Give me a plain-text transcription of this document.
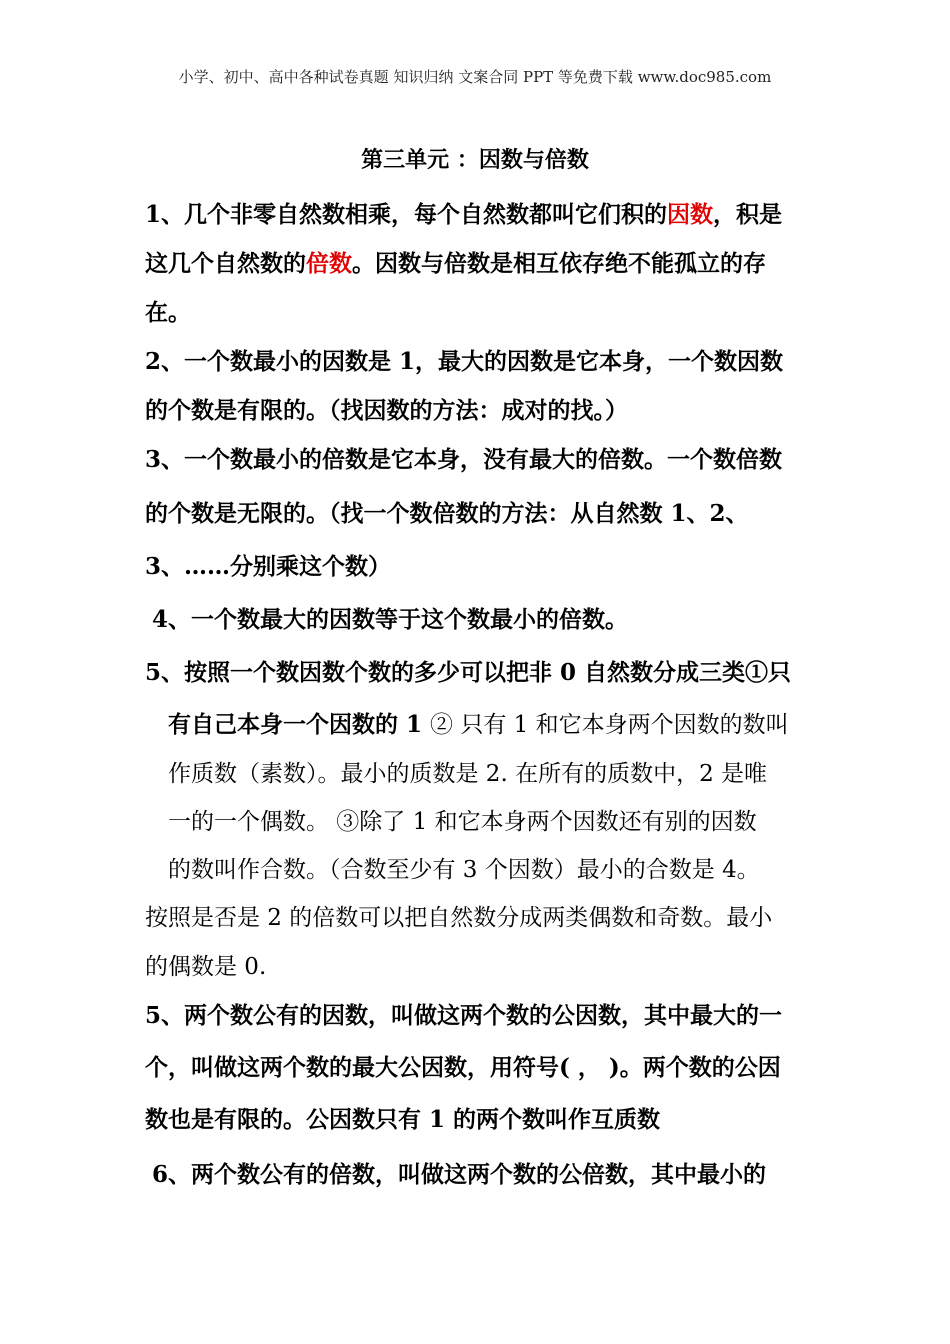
小学、初中、高中各种试卷真题 知识归纳 文案合同 PPT 等免费下载 www.doc985.com
第三单元 ：因数与倍数
1、几个非零自然数相乘，每个自然数都叫它们积的因数，积是
这几个自然数的倍数。因数与倍数是相互依存绝不能孤立的存
在。
2、一个数最小的因数是 1，最大的因数是它本身，一个数因数
的个数是有限的。（找因数的方法：成对的找。）
3、一个数最小的倍数是它本身，没有最大的倍数。一个数倍数
的个数是无限的。（找一个数倍数的方法：从自然数 1、2、
3、……分别乘这个数）
4、一个数最大的因数等于这个数最小的倍数。
5、按照一个数因数个数的多少可以把非 0 自然数分成三类①只
有自己本身一个因数的 1 ② 只有 1 和它本身两个因数的数叫
作质数（素数）。最小的质数是 2. 在所有的质数中，2 是唯
一的一个偶数。 ③除了 1 和它本身两个因数还有别的因数
的数叫作合数。（合数至少有 3 个因数）最小的合数是 4。
按照是否是 2 的倍数可以把自然数分成两类偶数和奇数。最小
的偶数是 0.
5、两个数公有的因数，叫做这两个数的公因数，其中最大的一
个，叫做这两个数的最大公因数，用符号( ， )。两个数的公因
数也是有限的。公因数只有 1 的两个数叫作互质数
6、两个数公有的倍数，叫做这两个数的公倍数，其中最小的
